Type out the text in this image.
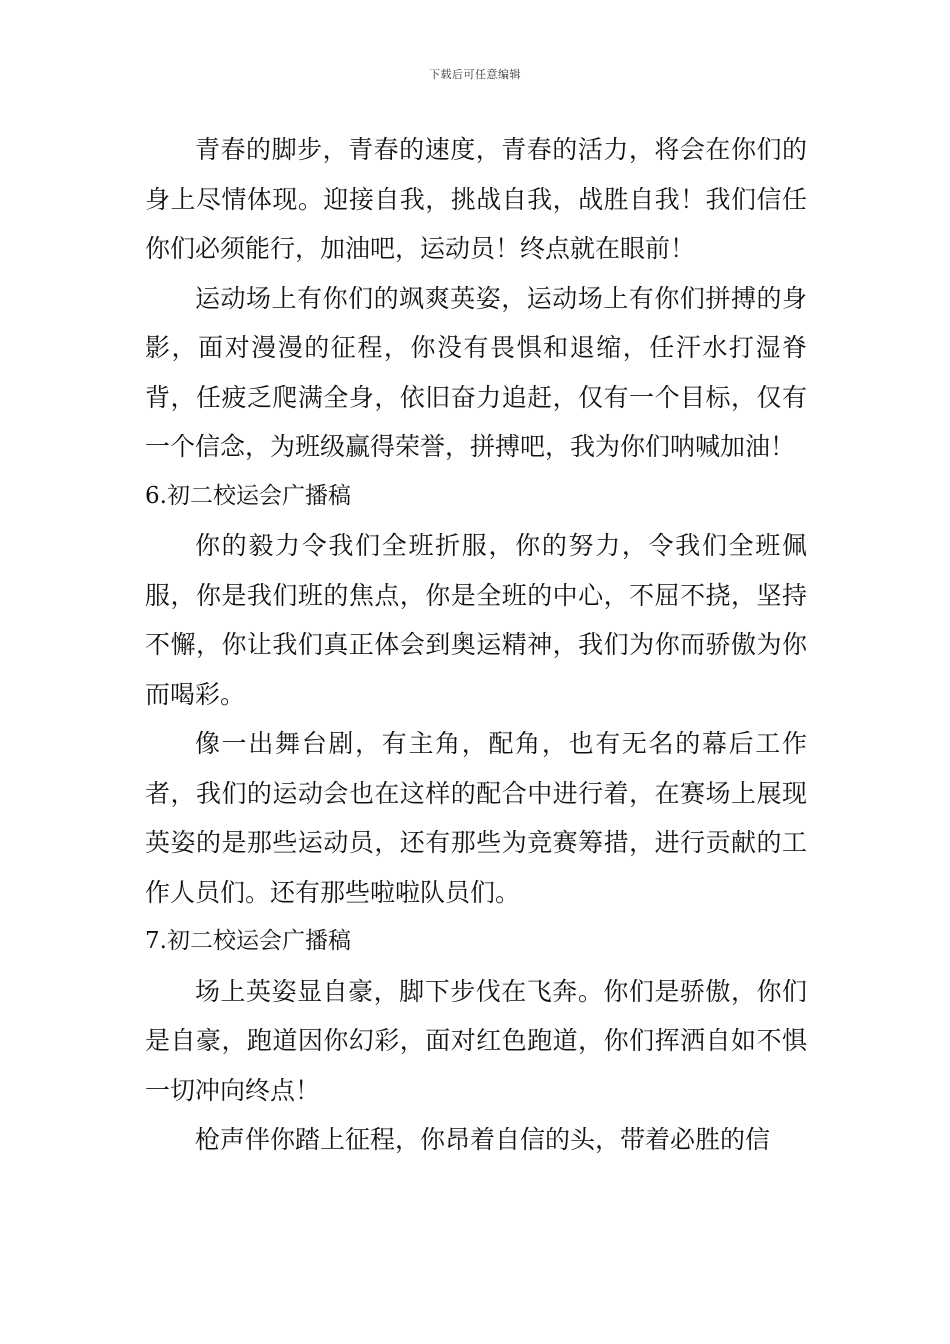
下载后可任意编辑

青春的脚步，青春的速度，青春的活力，将会在你们的身上尽情体现。迎接自我，挑战自我，战胜自我！我们信任你们必须能行，加油吧，运动员！终点就在眼前！

运动场上有你们的飒爽英姿，运动场上有你们拼搏的身影，面对漫漫的征程，你没有畏惧和退缩，任汗水打湿脊背，任疲乏爬满全身，依旧奋力追赶，仅有一个目标，仅有一个信念，为班级赢得荣誉，拼搏吧，我为你们呐喊加油！

6.初二校运会广播稿

你的毅力令我们全班折服，你的努力，令我们全班佩服，你是我们班的焦点，你是全班的中心，不屈不挠，坚持不懈，你让我们真正体会到奥运精神，我们为你而骄傲为你而喝彩。

像一出舞台剧，有主角，配角，也有无名的幕后工作者，我们的运动会也在这样的配合中进行着，在赛场上展现英姿的是那些运动员，还有那些为竞赛筹措，进行贡献的工作人员们。还有那些啦啦队员们。

7.初二校运会广播稿

场上英姿显自豪，脚下步伐在飞奔。你们是骄傲，你们是自豪，跑道因你幻彩，面对红色跑道，你们挥洒自如不惧一切冲向终点！

枪声伴你踏上征程，你昂着自信的头，带着必胜的信
